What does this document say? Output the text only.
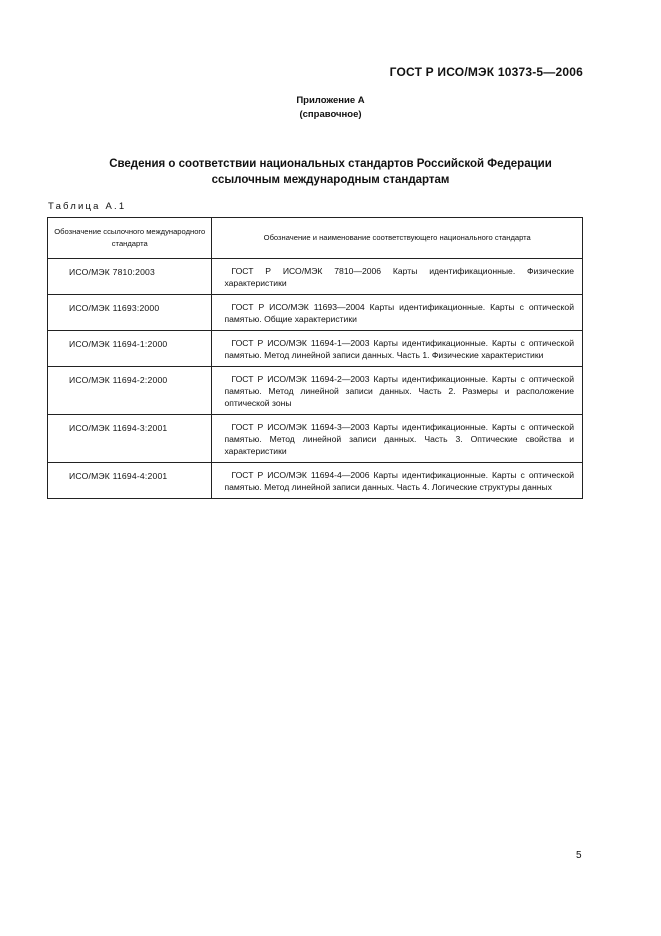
ГОСТ Р ИСО/МЭК 10373-5—2006
Приложение А
(справочное)
Сведения о соответствии национальных стандартов Российской Федерации
ссылочным международным стандартам
Таблица А.1
Обозначение ссылочного международного стандарта	Обозначение и наименование соответствующего национального стандарта
ИСО/МЭК 7810:2003	ГОСТ Р ИСО/МЭК 7810—2006 Карты идентификационные. Физические характеристики
ИСО/МЭК 11693:2000	ГОСТ Р ИСО/МЭК 11693—2004 Карты идентификационные. Карты с оптической памятью. Общие характеристики
ИСО/МЭК 11694-1:2000	ГОСТ Р ИСО/МЭК 11694-1—2003 Карты идентификационные. Карты с оптической памятью. Метод линейной записи данных. Часть 1. Физические характеристики
ИСО/МЭК 11694-2:2000	ГОСТ Р ИСО/МЭК 11694-2—2003 Карты идентификационные. Карты с оптической памятью. Метод линейной записи данных. Часть 2. Размеры и расположение оптической зоны
ИСО/МЭК 11694-3:2001	ГОСТ Р ИСО/МЭК 11694-3—2003 Карты идентификационные. Карты с оптической памятью. Метод линейной записи данных. Часть 3. Оптические свойства и характеристики
ИСО/МЭК 11694-4:2001	ГОСТ Р ИСО/МЭК 11694-4—2006 Карты идентификационные. Карты с оптической памятью. Метод линейной записи данных. Часть 4. Логические структуры данных
5
